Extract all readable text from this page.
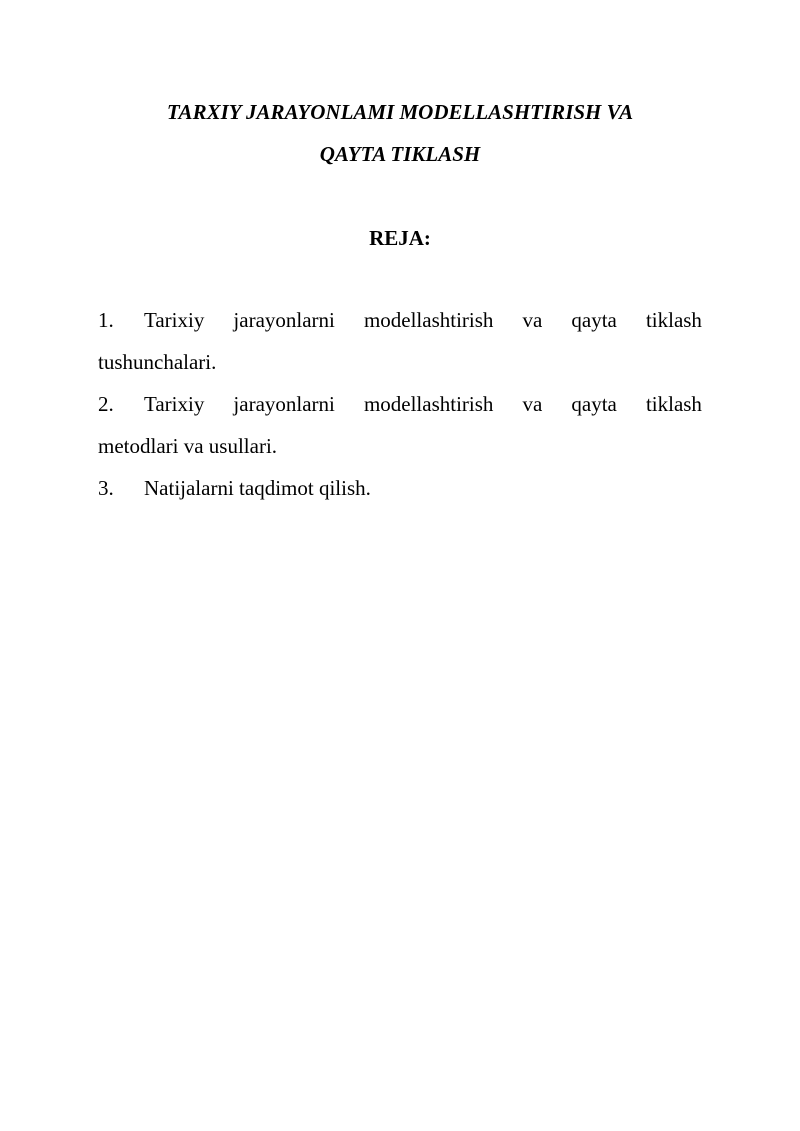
TARXIY JARAYONLAMI MODELLASHTIRISH VA
QAYTA TIKLASH
REJA:
1.	Tarixiy jarayonlarni modellashtirish va qayta tiklash
tushunchalari.
2.	Tarixiy jarayonlarni modellashtirish va qayta tiklash
metodlari va usullari.
3.	Natijalarni taqdimot qilish.
